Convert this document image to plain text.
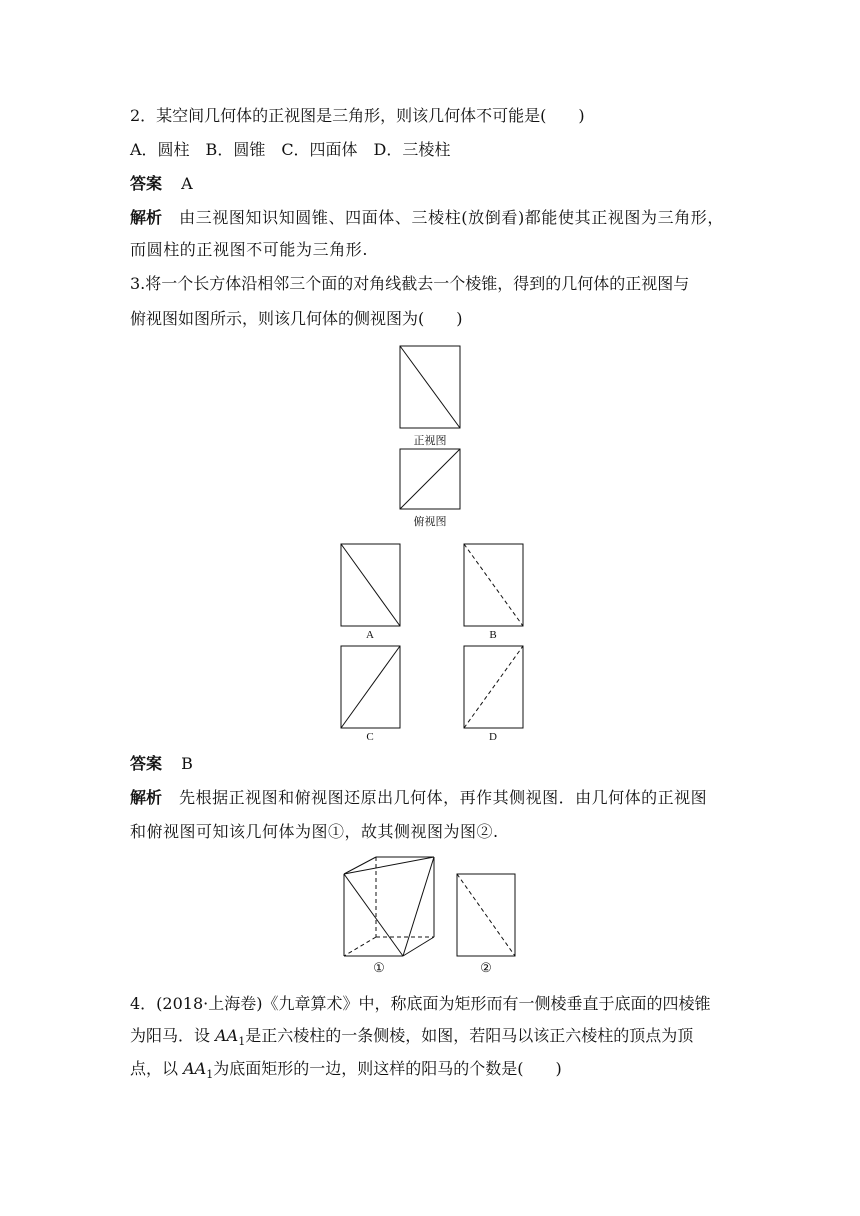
2．某空间几何体的正视图是三角形，则该几何体不可能是(　　)
A．圆柱　B．圆锥　C．四面体　D．三棱柱
答案 A
解析 由三视图知识知圆锥、四面体、三棱柱(放倒看)都能使其正视图为三角形，
而圆柱的正视图不可能为三角形.
3.将一个长方体沿相邻三个面的对角线截去一个棱锥，得到的几何体的正视图与
俯视图如图所示，则该几何体的侧视图为(　　)
正视图
俯视图
A	B
C	D
答案 B
解析 先根据正视图和俯视图还原出几何体，再作其侧视图．由几何体的正视图
和俯视图可知该几何体为图①，故其侧视图为图②.
①	②
4．(2018·上海卷)《九章算术》中，称底面为矩形而有一侧棱垂直于底面的四棱锥
为阳马．设 $AA_1$是正六棱柱的一条侧棱，如图，若阳马以该正六棱柱的顶点为顶
点，以 $AA_1$为底面矩形的一边，则这样的阳马的个数是(　　)
